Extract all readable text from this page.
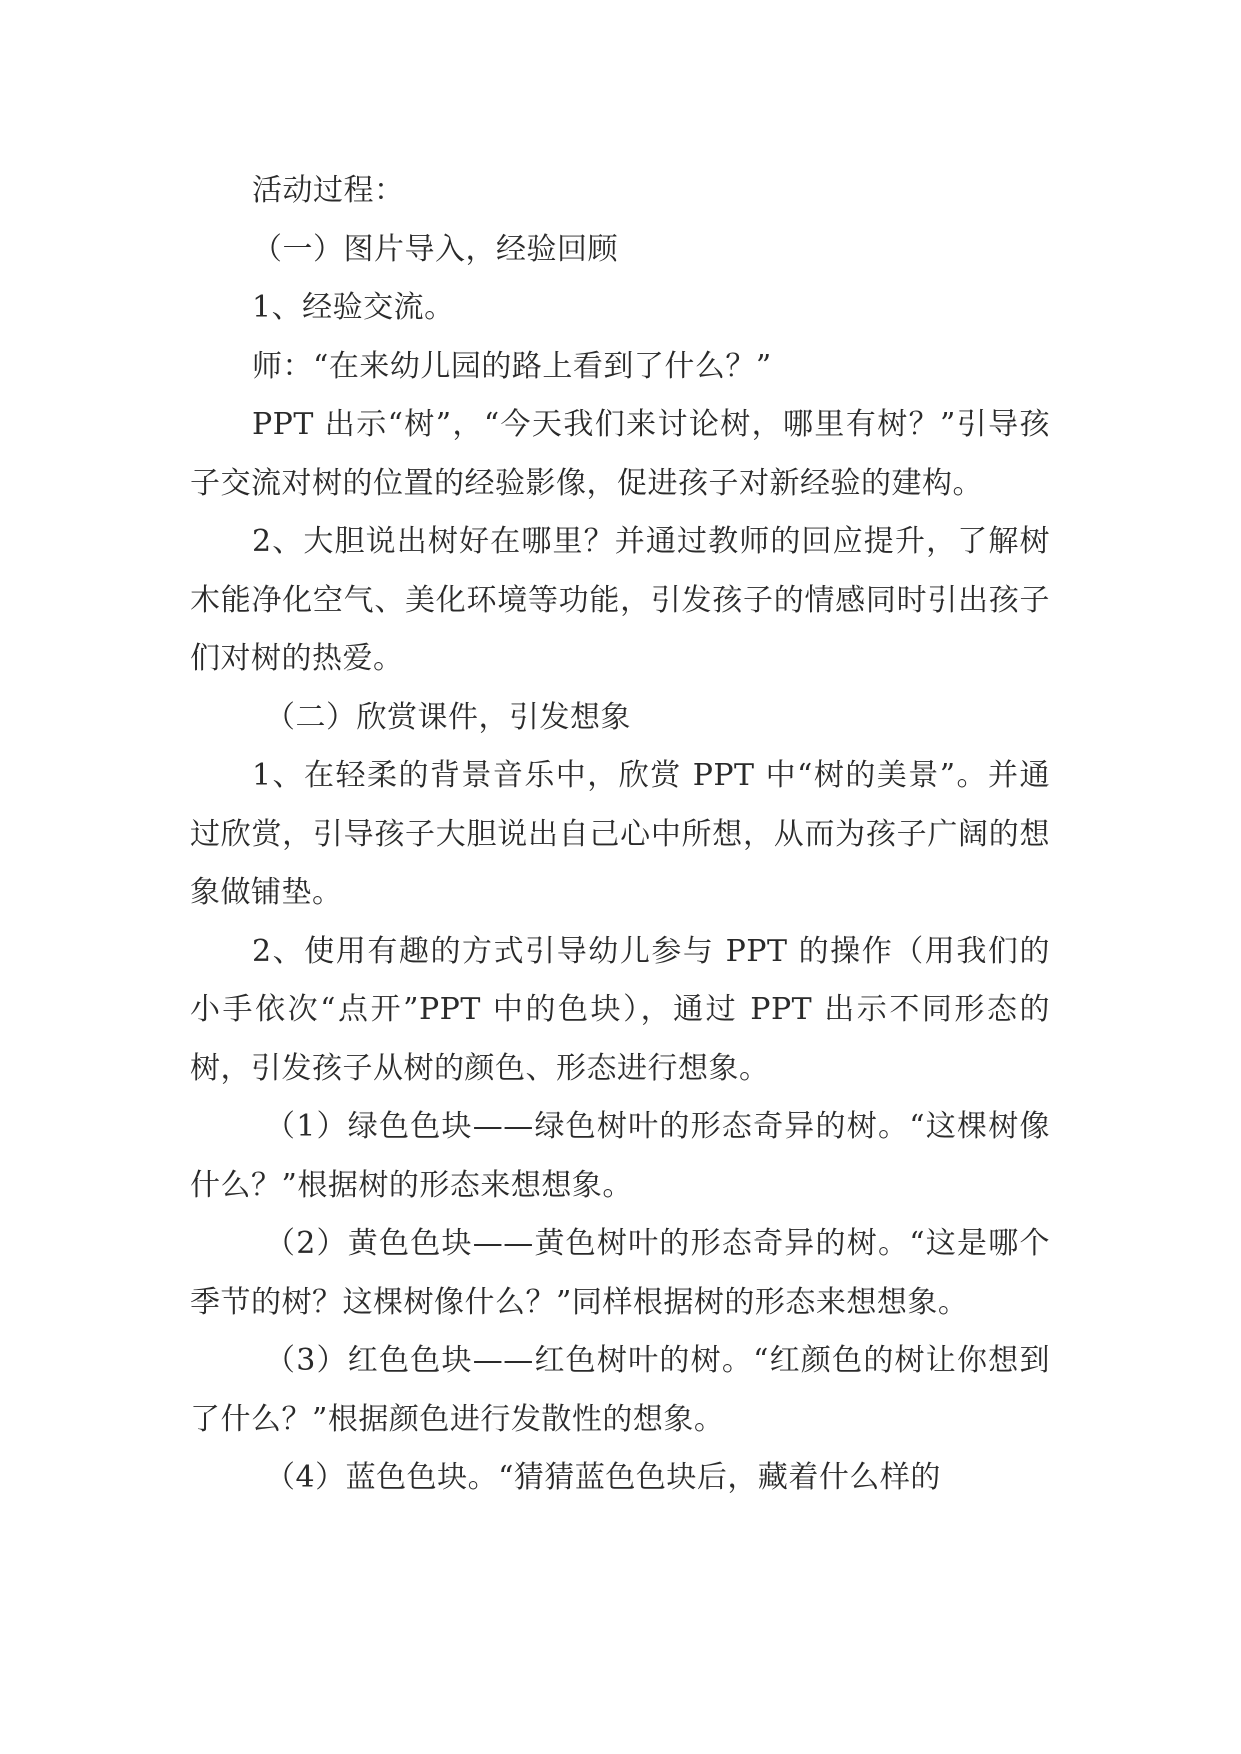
活动过程：

（一）图片导入，经验回顾

1、经验交流。

师：“在来幼儿园的路上看到了什么？”

PPT 出示“树”，“今天我们来讨论树，哪里有树？”引导孩子交流对树的位置的经验影像，促进孩子对新经验的建构。

2、大胆说出树好在哪里？并通过教师的回应提升，了解树木能净化空气、美化环境等功能，引发孩子的情感同时引出孩子们对树的热爱。

（二）欣赏课件，引发想象

1、在轻柔的背景音乐中，欣赏 PPT 中“树的美景”。并通过欣赏，引导孩子大胆说出自己心中所想，从而为孩子广阔的想象做铺垫。

2、使用有趣的方式引导幼儿参与 PPT 的操作（用我们的小手依次“点开”PPT 中的色块），通过 PPT 出示不同形态的树，引发孩子从树的颜色、形态进行想象。

（1）绿色色块——绿色树叶的形态奇异的树。“这棵树像什么？”根据树的形态来想想象。

（2）黄色色块——黄色树叶的形态奇异的树。“这是哪个季节的树？这棵树像什么？”同样根据树的形态来想想象。

（3）红色色块——红色树叶的树。“红颜色的树让你想到了什么？”根据颜色进行发散性的想象。

（4）蓝色色块。“猜猜蓝色色块后，藏着什么样的
